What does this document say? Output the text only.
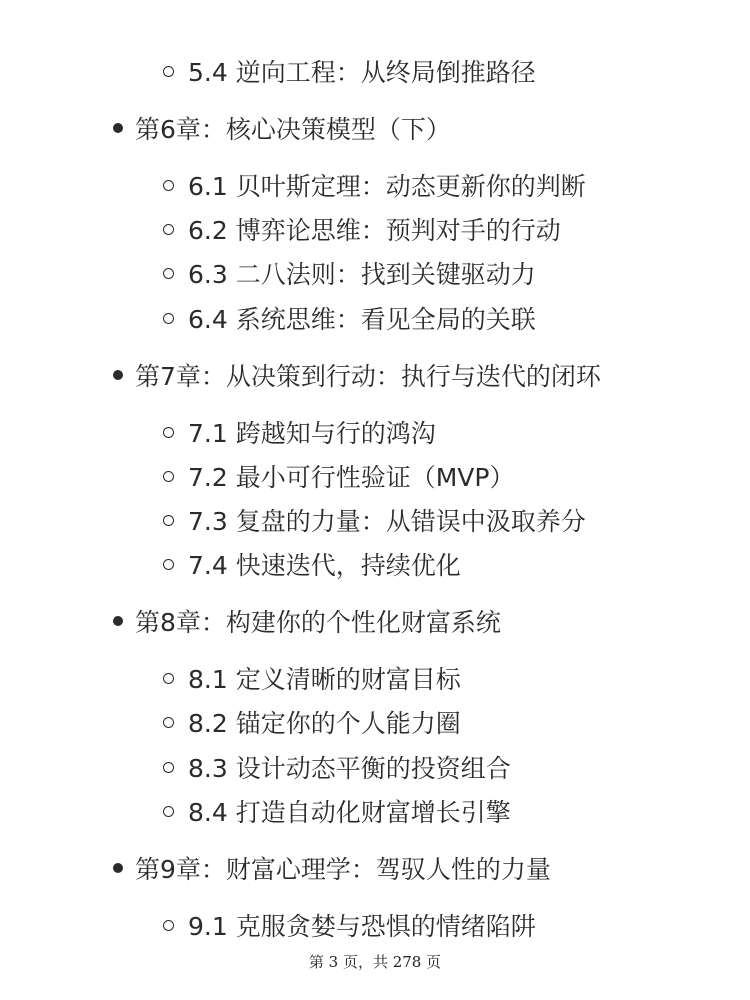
5.4 逆向工程：从终局倒推路径
第6章：核心决策模型（下）
6.1 贝叶斯定理：动态更新你的判断
6.2 博弈论思维：预判对手的行动
6.3 二八法则：找到关键驱动力
6.4 系统思维：看见全局的关联
第7章：从决策到行动：执行与迭代的闭环
7.1 跨越知与行的鸿沟
7.2 最小可行性验证（MVP）
7.3 复盘的力量：从错误中汲取养分
7.4 快速迭代，持续优化
第8章：构建你的个性化财富系统
8.1 定义清晰的财富目标
8.2 锚定你的个人能力圈
8.3 设计动态平衡的投资组合
8.4 打造自动化财富增长引擎
第9章：财富心理学：驾驭人性的力量
9.1 克服贪婪与恐惧的情绪陷阱
第 3 页，共 278 页
